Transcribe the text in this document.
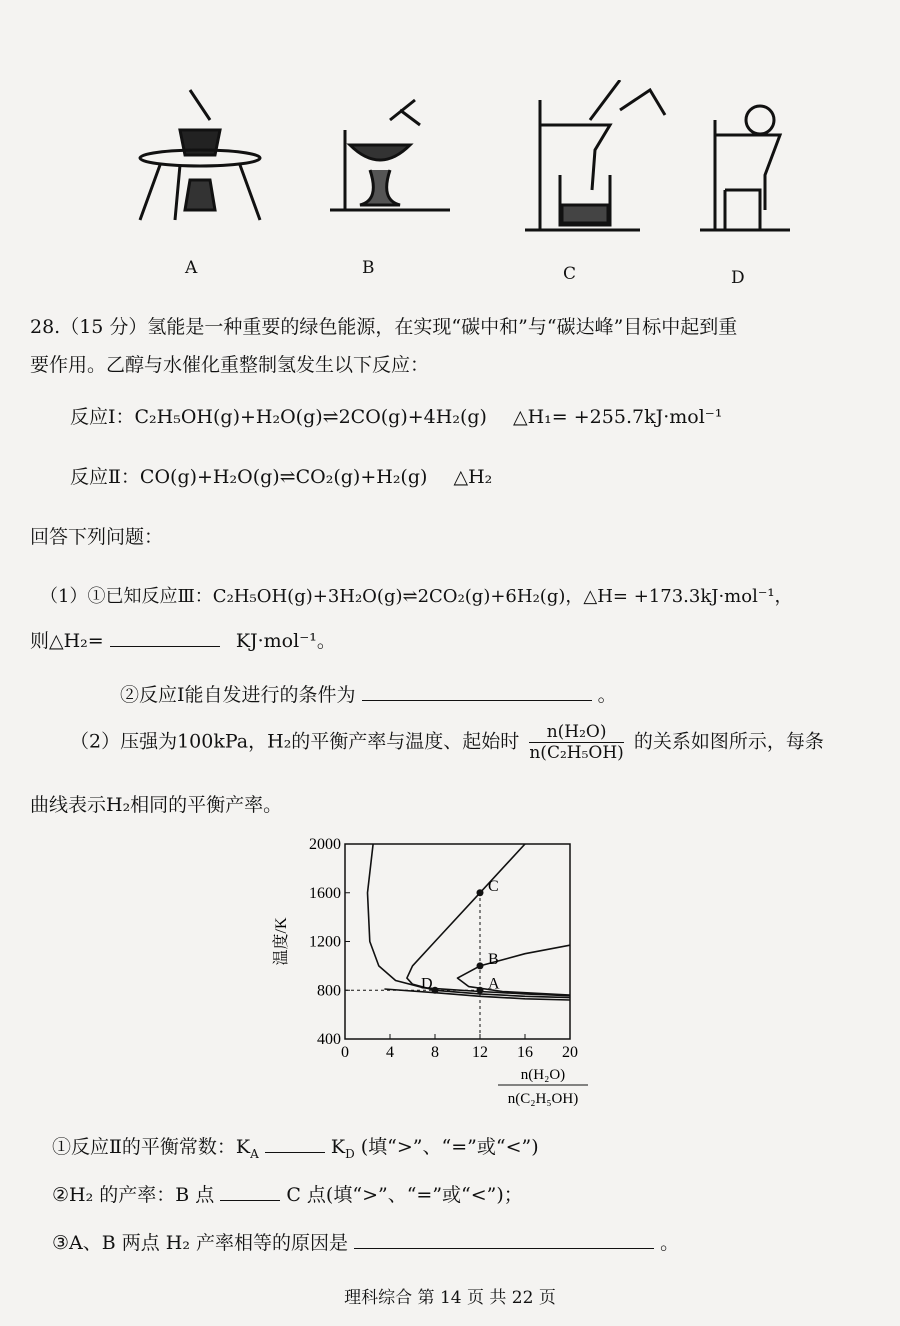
A	B	C	D
28.（15 分）氢能是一种重要的绿色能源，在实现“碳中和”与“碳达峰”目标中起到重
要作用。乙醇与水催化重整制氢发生以下反应：
反应Ⅰ：C₂H₅OH(g)+H₂O(g)⇌2CO(g)+4H₂(g) △H₁= +255.7kJ·mol⁻¹
反应Ⅱ：CO(g)+H₂O(g)⇌CO₂(g)+H₂(g) △H₂
回答下列问题：
（1）①已知反应Ⅲ：C₂H₅OH(g)+3H₂O(g)⇌2CO₂(g)+6H₂(g)，△H= +173.3kJ·mol⁻¹，
则△H₂=	KJ·mol⁻¹。
②反应Ⅰ能自发进行的条件为	。
（2）压强为100kPa，H₂的平衡产率与温度、起始时 $\frac{\text{n(H₂O)}}{\text{n(C₂H₅OH)}}$ 的关系如图所示，每条
曲线表示H₂相同的平衡产率。
0 4 8 12 16 20
400
800
1200
1600
2000
温度/K
n(H₂O)
n(C₂H₅OH)
A
B
C
D
①反应Ⅱ的平衡常数：$K_A$	$K_D$ (填“>”、“=”或“<”)
②H₂ 的产率：B 点	C 点(填“>”、“=”或“<”)；
③A、B 两点 H₂ 产率相等的原因是	。
理科综合 第 14 页 共 22 页
